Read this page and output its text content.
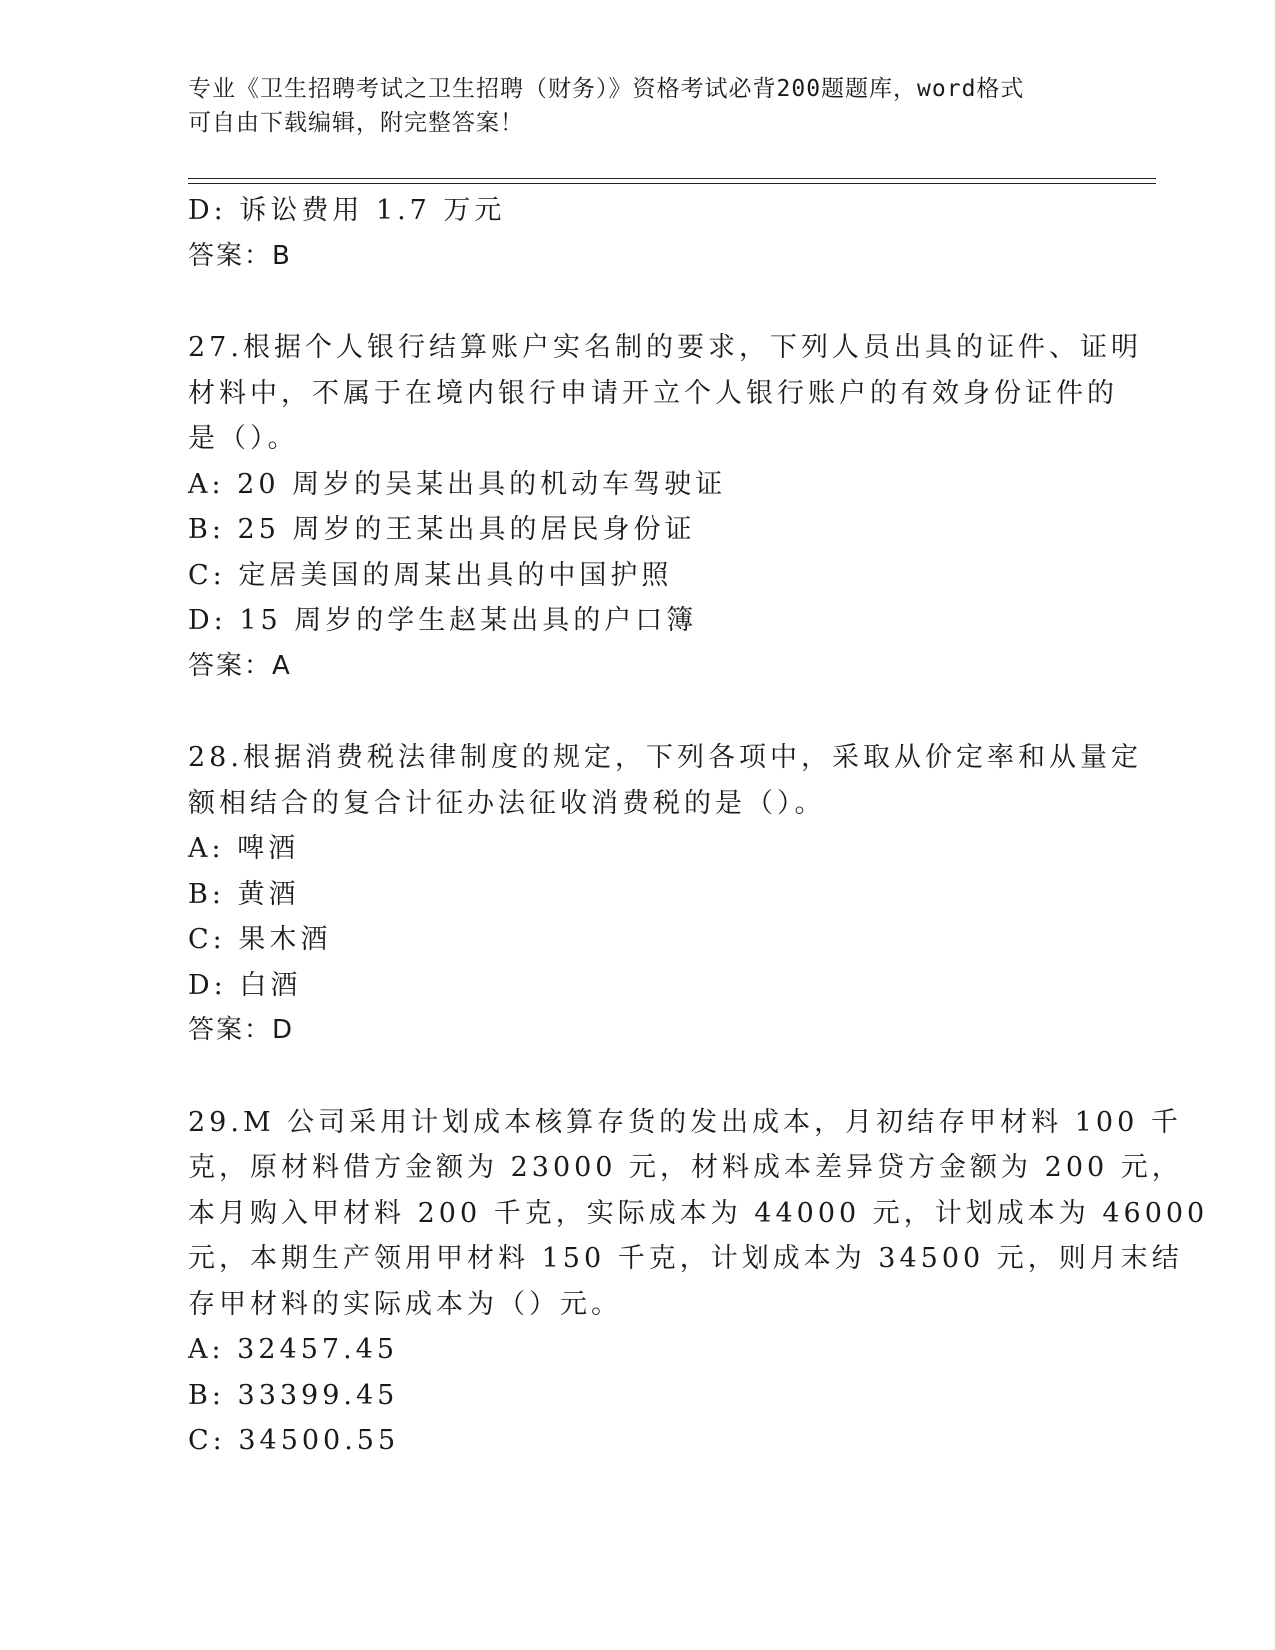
专业《卫生招聘考试之卫生招聘（财务）》资格考试必背200题题库，word格式
可自由下载编辑，附完整答案！
D: 诉讼费用 1.7 万元
答案：B
27.根据个人银行结算账户实名制的要求，下列人员出具的证件、证明
材料中，不属于在境内银行申请开立个人银行账户的有效身份证件的
是（）。
A: 20 周岁的吴某出具的机动车驾驶证
B: 25 周岁的王某出具的居民身份证
C: 定居美国的周某出具的中国护照
D: 15 周岁的学生赵某出具的户口簿
答案：A
28.根据消费税法律制度的规定，下列各项中，采取从价定率和从量定
额相结合的复合计征办法征收消费税的是（）。
A: 啤酒
B: 黄酒
C: 果木酒
D: 白酒
答案：D
29.M 公司采用计划成本核算存货的发出成本，月初结存甲材料 100 千
克，原材料借方金额为 23000 元，材料成本差异贷方金额为 200 元，
本月购入甲材料 200 千克，实际成本为 44000 元，计划成本为 46000
元，本期生产领用甲材料 150 千克，计划成本为 34500 元，则月末结
存甲材料的实际成本为（）元。
A: 32457.45
B: 33399.45
C: 34500.55
